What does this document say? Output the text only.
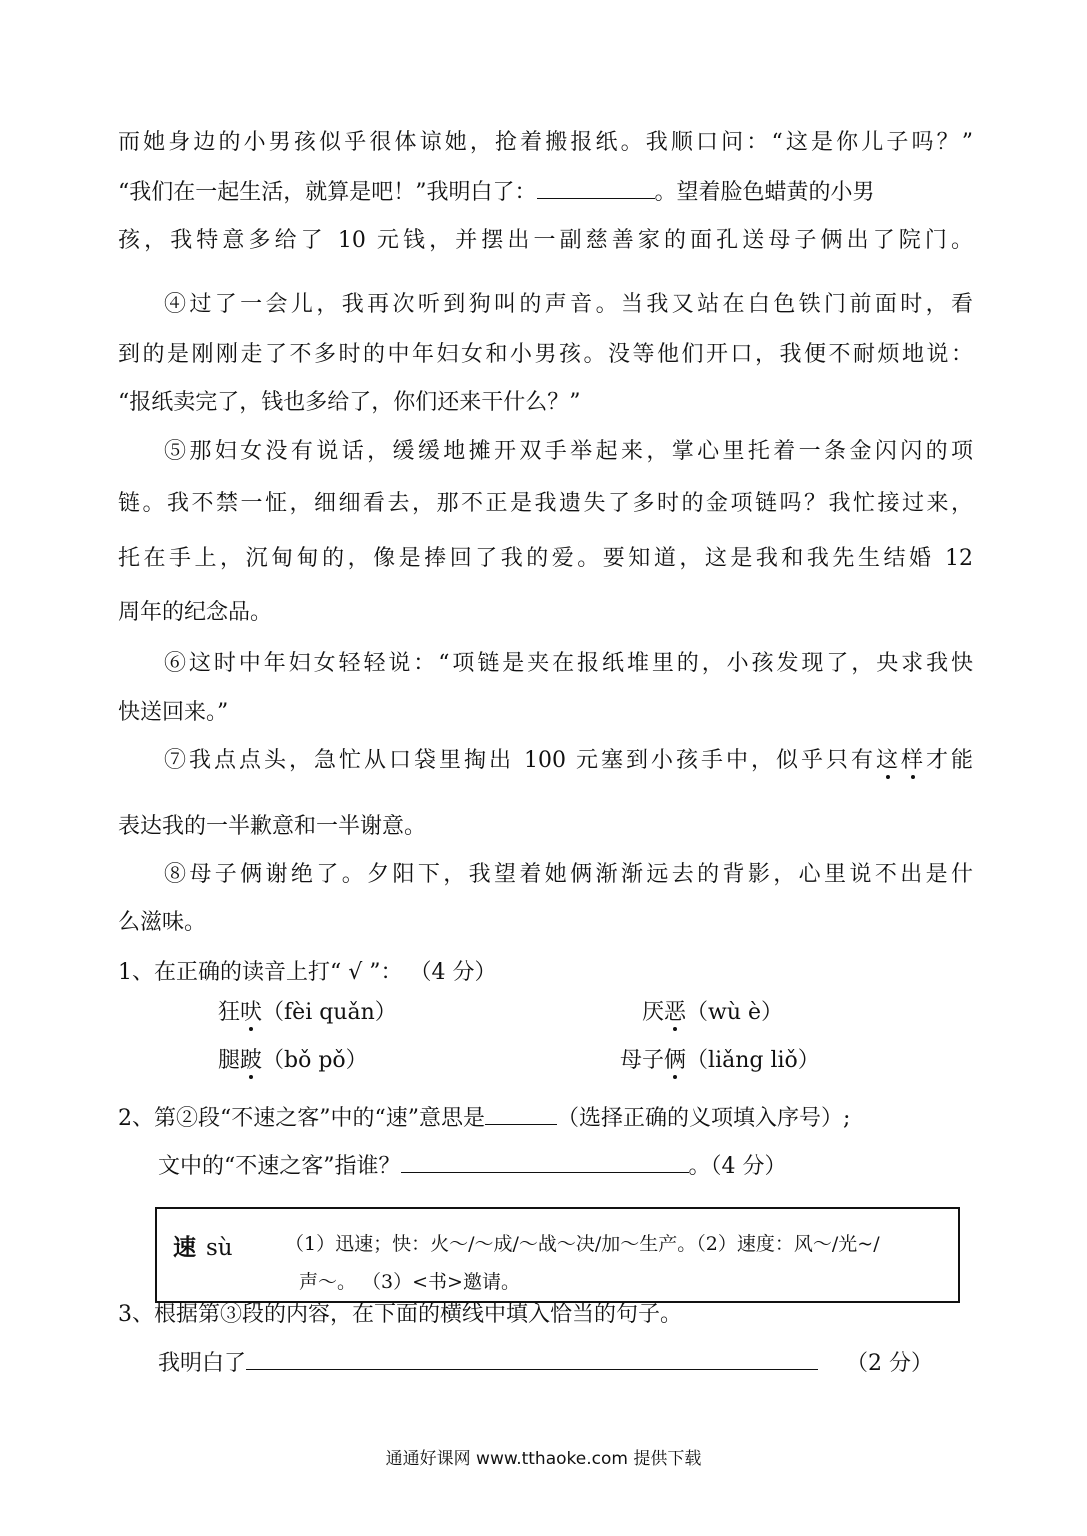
而她身边的小男孩似乎很体谅她，抢着搬报纸。我顺口问：“这是你儿子吗？”
“我们在一起生活，就算是吧！”我明白了：	。望着脸色蜡黄的小男
孩，我特意多给了 10 元钱，并摆出一副慈善家的面孔送母子俩出了院门。
④过了一会儿，我再次听到狗叫的声音。当我又站在白色铁门前面时，看
到的是刚刚走了不多时的中年妇女和小男孩。没等他们开口，我便不耐烦地说：
“报纸卖完了，钱也多给了，你们还来干什么？”
⑤那妇女没有说话，缓缓地摊开双手举起来，掌心里托着一条金闪闪的项
链。我不禁一怔，细细看去，那不正是我遗失了多时的金项链吗？我忙接过来，
托在手上，沉甸甸的，像是捧回了我的爱。要知道，这是我和我先生结婚 12
周年的纪念品。
⑥这时中年妇女轻轻说：“项链是夹在报纸堆里的，小孩发现了，央求我快
快送回来。”
⑦我点点头，急忙从口袋里掏出 100 元塞到小孩手中，似乎只有这样才能
表达我的一半歉意和一半谢意。
⑧母子俩谢绝了。夕阳下，我望着她俩渐渐远去的背影，心里说不出是什
么滋味。
1、在正确的读音上打“ √ ”： （4 分）
狂吠（fèi quǎn）	厌恶（wù è）
腿跛（bǒ pǒ）	母子俩（liǎng liǒ）
2、第②段“不速之客”中的“速”意思是	（选择正确的义项填入序号）;
文中的“不速之客”指谁？	。（4 分）
速 sù	（1）迅速；快：火～/～成/～战～决/加～生产。（2）速度：风～/光~/
声～。 （3）<书>邀请。
3、根据第③段的内容，在下面的横线中填入恰当的句子。
我明白了	（2 分）
通通好课网 www.tthaoke.com 提供下载
